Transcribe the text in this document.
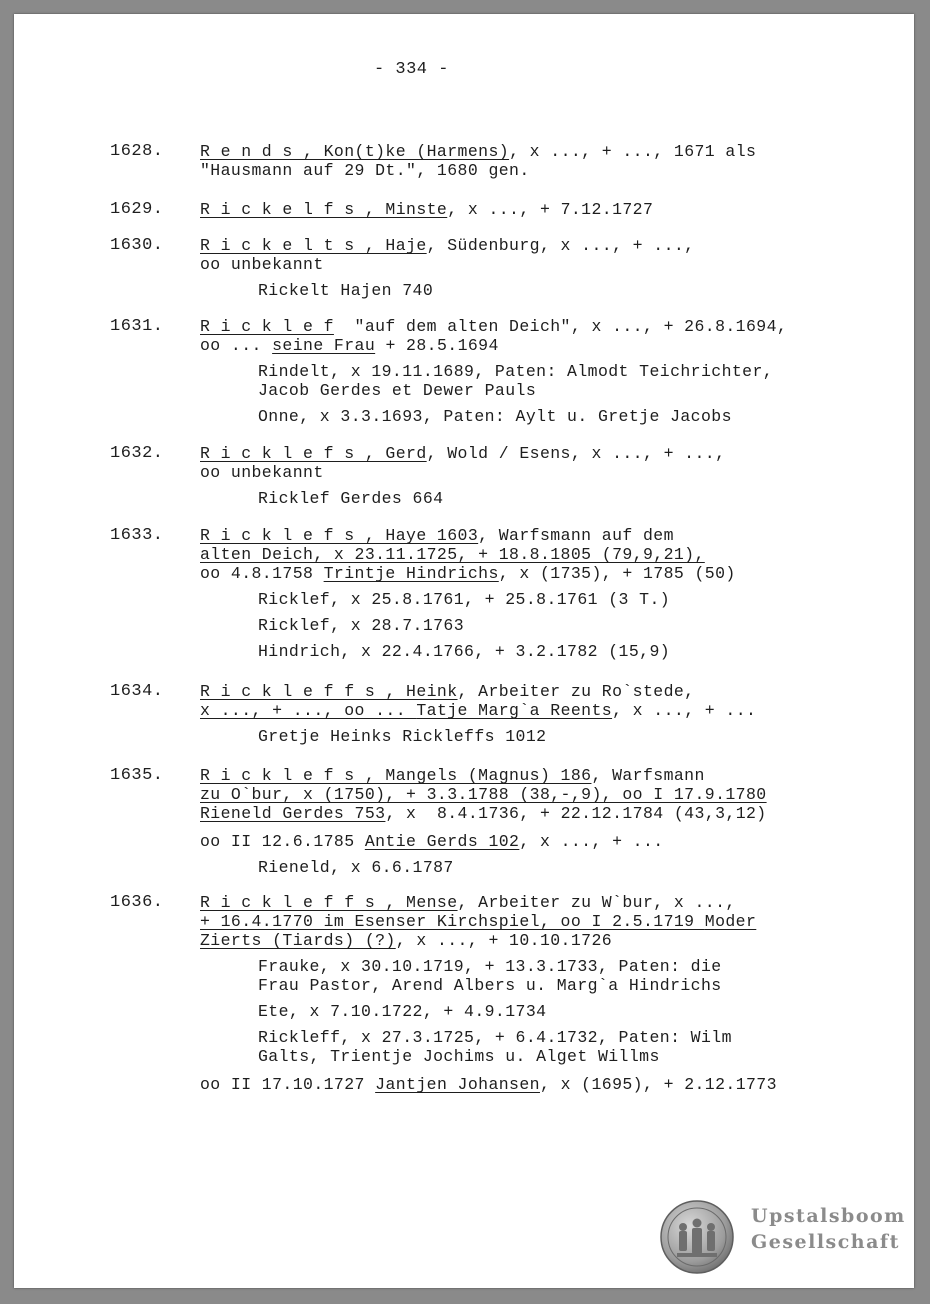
- 334 -
1628. R e n d s , Kon(t)ke (Harmens), x ..., + ..., 1671 als
"Hausmann auf 29 Dt.", 1680 gen.
1629. R i c k e l f s , Minste, x ..., + 7.12.1727
1630. R i c k e l t s , Haje, Südenburg, x ..., + ...,
oo unbekannt
Rickelt Hajen 740
1631. R i c k l e f  "auf dem alten Deich", x ..., + 26.8.1694,
oo ... seine Frau + 28.5.1694
Rindelt, x 19.11.1689, Paten: Almodt Teichrichter,
Jacob Gerdes et Dewer Pauls
Onne, x 3.3.1693, Paten: Aylt u. Gretje Jacobs
1632. R i c k l e f s , Gerd, Wold / Esens, x ..., + ...,
oo unbekannt
Ricklef Gerdes 664
1633. R i c k l e f s , Haye 1603, Warfsmann auf dem
alten Deich, x 23.11.1725, + 18.8.1805 (79,9,21),
oo 4.8.1758 Trintje Hindrichs, x (1735), + 1785 (50)
Ricklef, x 25.8.1761, + 25.8.1761 (3 T.)
Ricklef, x 28.7.1763
Hindrich, x 22.4.1766, + 3.2.1782 (15,9)
1634. R i c k l e f f s , Heink, Arbeiter zu Ro`stede,
x ..., + ..., oo ... Tatje Marg`a Reents, x ..., + ...
Gretje Heinks Rickleffs 1012
1635. R i c k l e f s , Mangels (Magnus) 186, Warfsmann
zu O`bur, x (1750), + 3.3.1788 (38,-,9), oo I 17.9.1780
Rieneld Gerdes 753, x  8.4.1736, + 22.12.1784 (43,3,12)
oo II 12.6.1785 Antie Gerds 102, x ..., + ...
Rieneld, x 6.6.1787
1636. R i c k l e f f s , Mense, Arbeiter zu W`bur, x ...,
+ 16.4.1770 im Esenser Kirchspiel, oo I 2.5.1719 Moder
Zierts (Tiards) (?), x ..., + 10.10.1726
Frauke, x 30.10.1719, + 13.3.1733, Paten: die
Frau Pastor, Arend Albers u. Marg`a Hindrichs
Ete, x 7.10.1722, + 4.9.1734
Rickleff, x 27.3.1725, + 6.4.1732, Paten: Wilm
Galts, Trientje Jochims u. Alget Willms
oo II 17.10.1727 Jantjen Johansen, x (1695), + 2.12.1773
Upstalsboom
Gesellschaft
